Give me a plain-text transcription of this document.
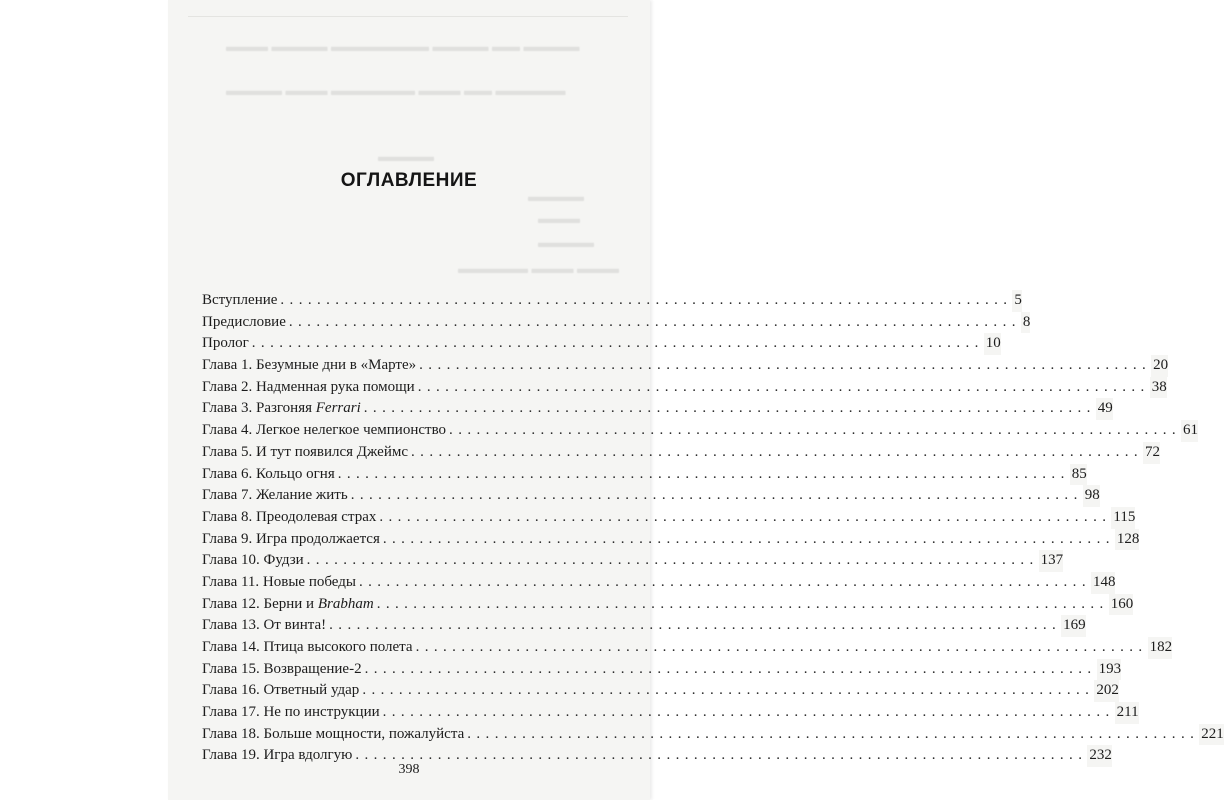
▬▬▬ ▬▬▬▬ ▬▬▬▬▬▬▬ ▬▬▬▬ ▬▬ ▬▬▬▬
▬▬▬▬ ▬▬▬ ▬▬▬▬▬▬ ▬▬▬ ▬▬ ▬▬▬▬▬
▬▬▬▬
▬▬▬▬
▬▬▬
▬▬▬▬
▬▬▬▬▬ ▬▬▬ ▬▬▬
ОГЛАВЛЕНИЕ
Вступление ................................................................................ 5
Предисловие ................................................................................ 8
Пролог ................................................................................ 10
Глава 1. Безумные дни в «Марте» ................................................................................ 20
Глава 2. Надменная рука помощи ................................................................................ 38
Глава 3. Разгоняя Ferrari ................................................................................ 49
Глава 4. Легкое нелегкое чемпионство ................................................................................ 61
Глава 5. И тут появился Джеймс ................................................................................ 72
Глава 6. Кольцо огня ................................................................................ 85
Глава 7. Желание жить ................................................................................ 98
Глава 8. Преодолевая страх ................................................................................ 115
Глава 9. Игра продолжается ................................................................................ 128
Глава 10. Фудзи ................................................................................ 137
Глава 11. Новые победы ................................................................................ 148
Глава 12. Берни и Brabham ................................................................................ 160
Глава 13. От винта! ................................................................................ 169
Глава 14. Птица высокого полета ................................................................................ 182
Глава 15. Возвращение-2 ................................................................................ 193
Глава 16. Ответный удар ................................................................................ 202
Глава 17. Не по инструкции ................................................................................ 211
Глава 18. Больше мощности, пожалуйста ................................................................................ 221
Глава 19. Игра вдолгую ................................................................................ 232
398
